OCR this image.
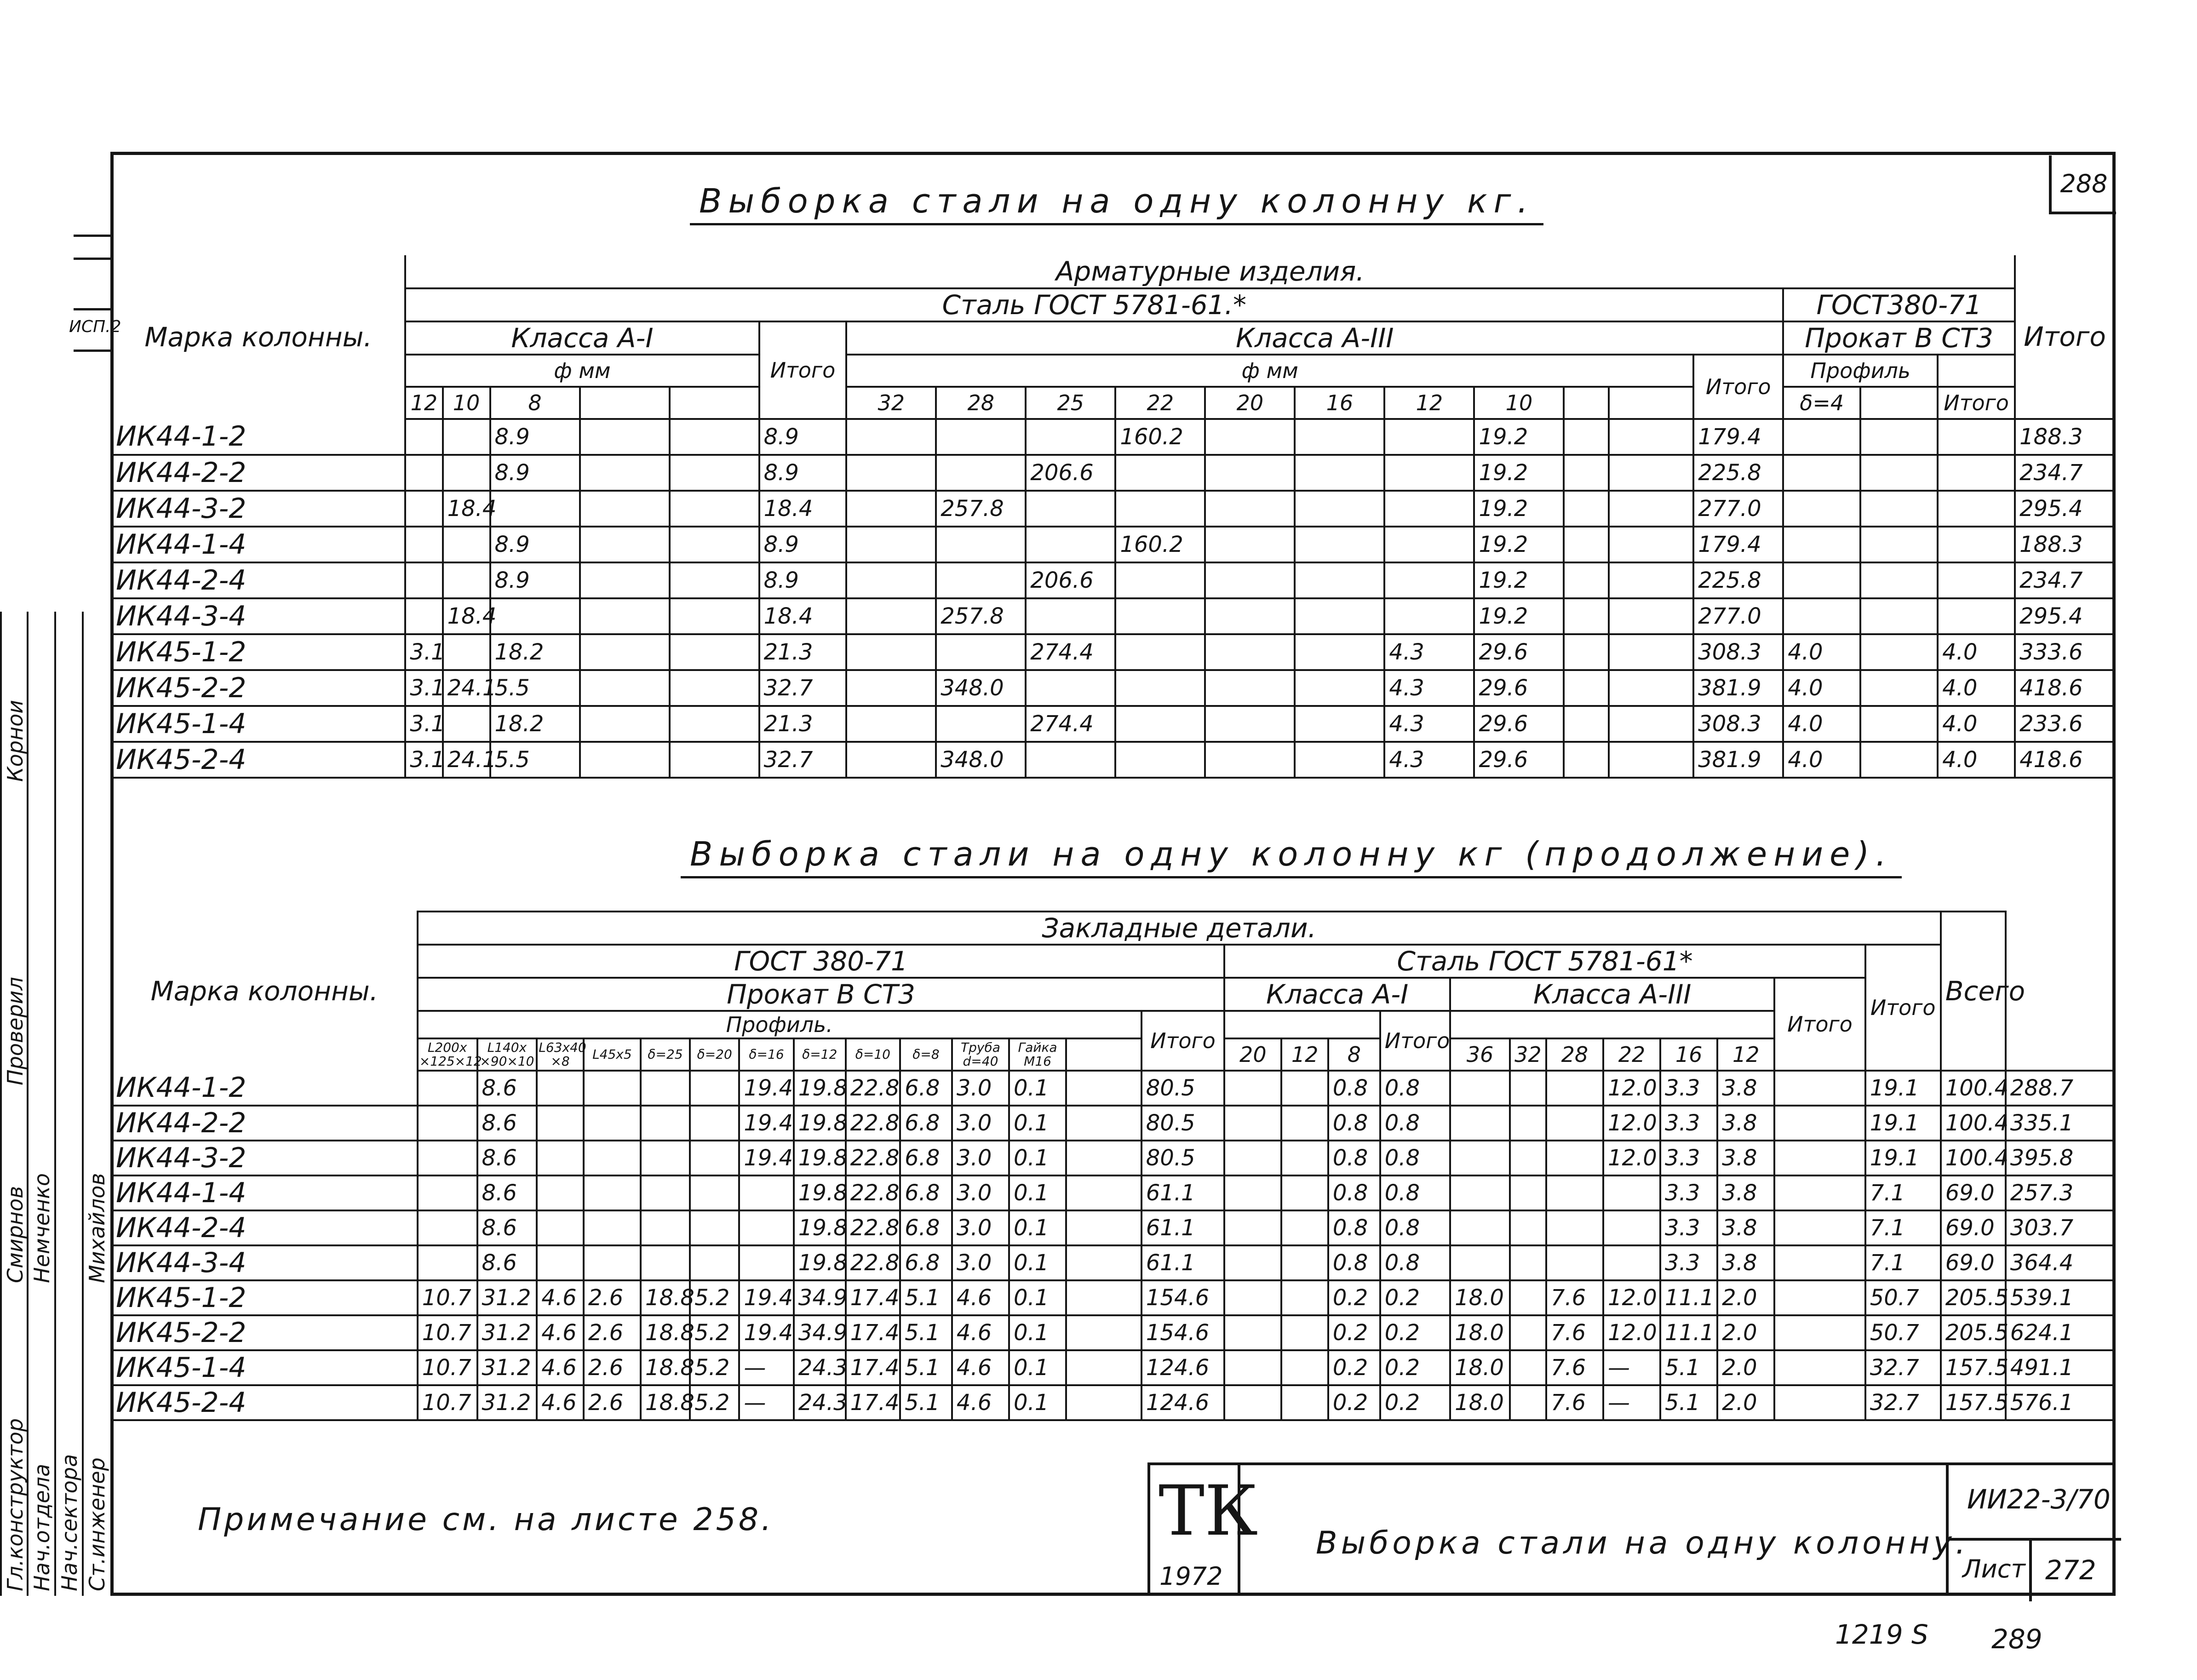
288
ИСП.2
Гл.конструктор Нач.отдела Нач.сектора Ст.инженер
Смирнов Немченко Михайлов
Проверил
Корнои
Выборка стали на одну колонну кг.
Марка колонны.	Арматурные изделия.																				Итого
	Сталь ГОСТ 5781-61.*																	ГОСТ380-71			
	Класса А-I					Итого	Класса А-III											Прокат В СТ3			
	ф мм						ф мм										Итого	Профиль			
	12	10	8				32	28	25	22	20	16	12	10				δ=4		Итого	
ИК44-1-2			8.9			8.9				160.2				19.2			179.4				188.3
ИК44-2-2			8.9			8.9			206.6					19.2			225.8				234.7
ИК44-3-2		18.4				18.4		257.8						19.2			277.0				295.4
ИК44-1-4			8.9			8.9				160.2				19.2			179.4				188.3
ИК44-2-4			8.9			8.9			206.6					19.2			225.8				234.7
ИК44-3-4		18.4				18.4		257.8						19.2			277.0				295.4
ИК45-1-2	3.1		18.2			21.3			274.4				4.3	29.6			308.3	4.0		4.0	333.6
ИК45-2-2	3.1	24.1	5.5			32.7		348.0					4.3	29.6			381.9	4.0		4.0	418.6
ИК45-1-4	3.1		18.2			21.3			274.4				4.3	29.6			308.3	4.0		4.0	233.6
ИК45-2-4	3.1	24.1	5.5			32.7		348.0					4.3	29.6			381.9	4.0		4.0	418.6
Выборка стали на одну колонну кг (продолжение).
Марка колонны.	Закладные детали.																										Всего
	ГОСТ 380-71														Сталь ГОСТ 5781-61*											Итого		
	Прокат В СТ3														Класса А-I				Класса А-III						Итого			
	Профиль.													Итого				Итого										
	L200x ×125×12	L140x ×90×10	L63x40 ×8	L45x5	δ=25	δ=20	δ=16	δ=12	δ=10	δ=8	Труба d=40	Гайка М16			20	12	8		36	32	28	22	16	12				
ИК44-1-2		8.6					19.4	19.8	22.8	6.8	3.0	0.1		80.5			0.8	0.8				12.0	3.3	3.8		19.1	100.4	288.7
ИК44-2-2		8.6					19.4	19.8	22.8	6.8	3.0	0.1		80.5			0.8	0.8				12.0	3.3	3.8		19.1	100.4	335.1
ИК44-3-2		8.6					19.4	19.8	22.8	6.8	3.0	0.1		80.5			0.8	0.8				12.0	3.3	3.8		19.1	100.4	395.8
ИК44-1-4		8.6						19.8	22.8	6.8	3.0	0.1		61.1			0.8	0.8					3.3	3.8		7.1	69.0	257.3
ИК44-2-4		8.6						19.8	22.8	6.8	3.0	0.1		61.1			0.8	0.8					3.3	3.8		7.1	69.0	303.7
ИК44-3-4		8.6						19.8	22.8	6.8	3.0	0.1		61.1			0.8	0.8					3.3	3.8		7.1	69.0	364.4
ИК45-1-2	10.7	31.2	4.6	2.6	18.8	5.2	19.4	34.9	17.4	5.1	4.6	0.1		154.6			0.2	0.2	18.0		7.6	12.0	11.1	2.0		50.7	205.5	539.1
ИК45-2-2	10.7	31.2	4.6	2.6	18.8	5.2	19.4	34.9	17.4	5.1	4.6	0.1		154.6			0.2	0.2	18.0		7.6	12.0	11.1	2.0		50.7	205.5	624.1
ИК45-1-4	10.7	31.2	4.6	2.6	18.8	5.2	—	24.3	17.4	5.1	4.6	0.1		124.6			0.2	0.2	18.0		7.6	—	5.1	2.0		32.7	157.5	491.1
ИК45-2-4	10.7	31.2	4.6	2.6	18.8	5.2	—	24.3	17.4	5.1	4.6	0.1		124.6			0.2	0.2	18.0		7.6	—	5.1	2.0		32.7	157.5	576.1
Примечание см. на листе 258.	ТК
1972
Выборка стали на одну колонну.
ИИ22-3/70
Лист 272
1219 S 289
